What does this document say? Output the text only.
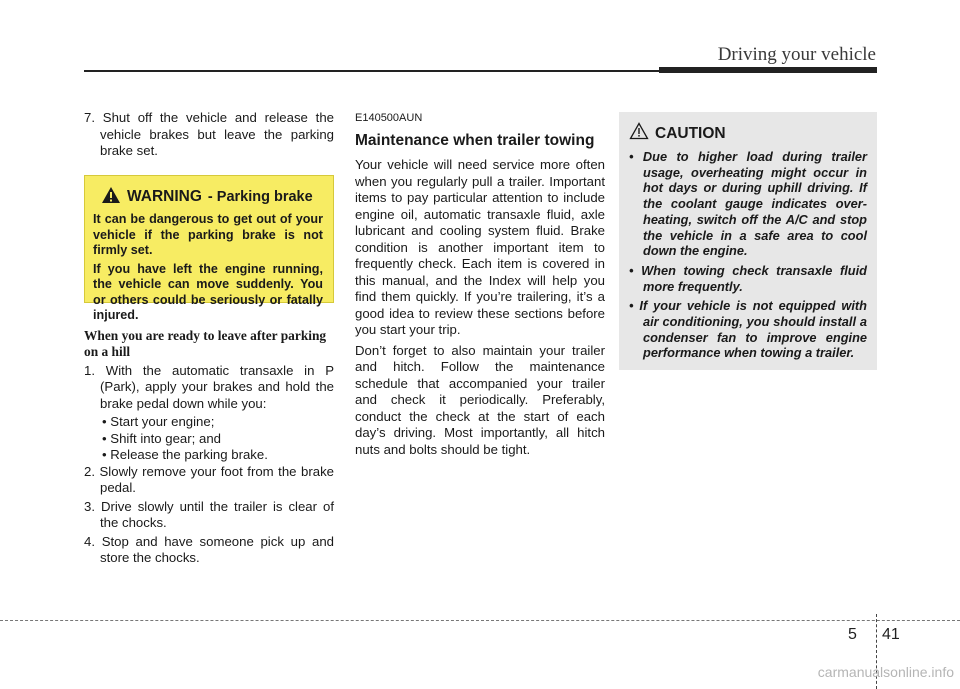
Driving your vehicle

7. Shut off the vehicle and release the vehicle brakes but leave the parking brake set.

WARNING - Parking brake

It can be dangerous to get out of your vehicle if the parking brake is not firmly set.

If you have left the engine running, the vehicle can move suddenly. You or others could be seriously or fatally injured.

When you are ready to leave after parking on a hill

1. With the automatic transaxle in P (Park), apply your brakes and hold the brake pedal down while you:

• Start your engine;

• Shift into gear; and

• Release the parking brake.

2. Slowly remove your foot from the brake pedal.

3. Drive slowly until the trailer is clear of the chocks.

4. Stop and have someone pick up and store the chocks.

E140500AUN

Maintenance when trailer towing

Your vehicle will need service more often when you regularly pull a trailer. Important items to pay particular attention to include engine oil, automatic transaxle fluid, axle lubricant and cooling system fluid. Brake condition is another important item to frequently check. Each item is covered in this manual, and the Index will help you find them quickly. If you’re trailering, it’s a good idea to review these sections before you start your trip.

Don’t forget to also maintain your trailer and hitch. Follow the maintenance schedule that accompanied your trailer and check it periodically. Preferably, conduct the check at the start of each day’s driving. Most importantly, all hitch nuts and bolts should be tight.

CAUTION

• Due to higher load during trailer usage, overheating might occur in hot days or during uphill driving. If the coolant gauge indicates over-heating, switch off the A/C and stop the vehicle in a safe area to cool down the engine.

• When towing check transaxle fluid more frequently.

• If your vehicle is not equipped with air conditioning, you should install a condenser fan to improve engine performance when towing a trailer.

5 41
carmanualsonline.info
